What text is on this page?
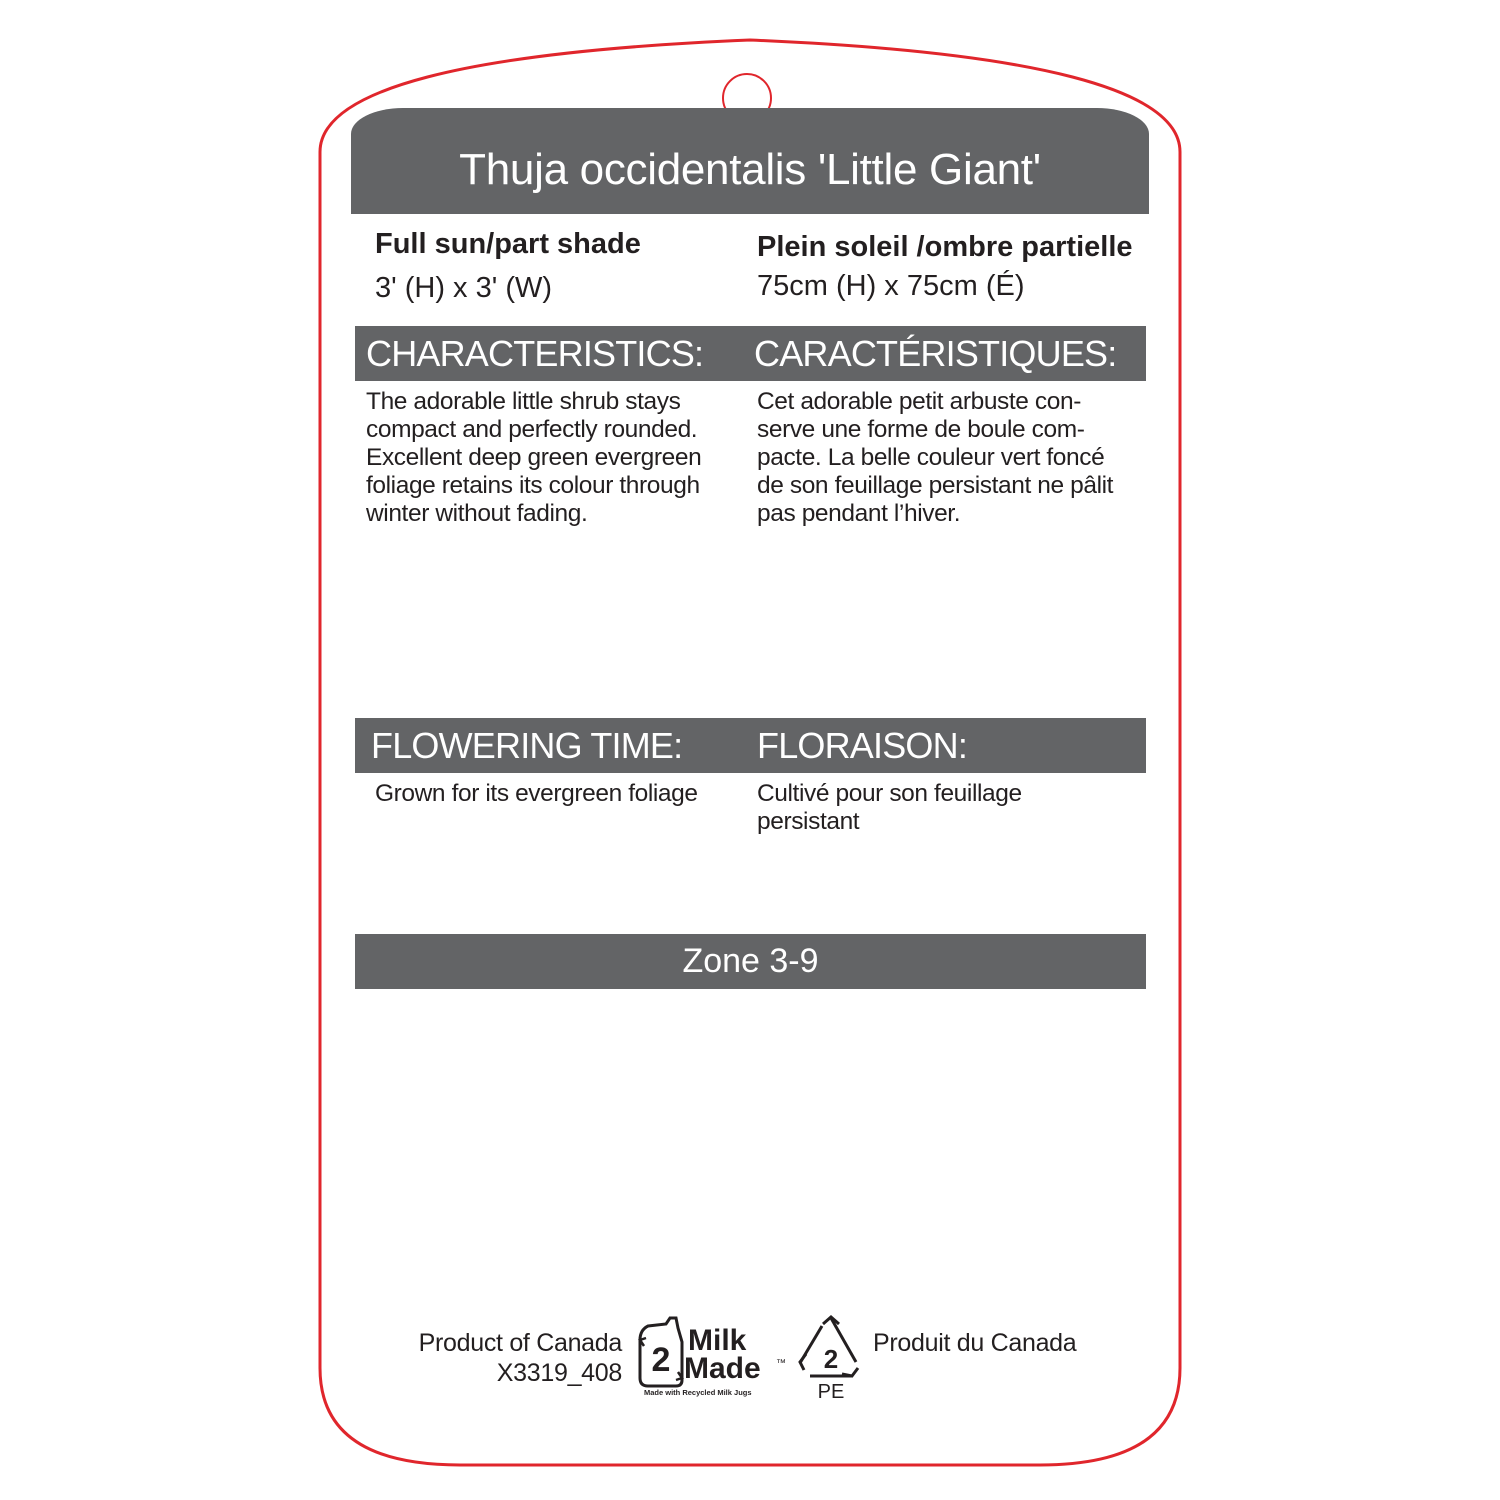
Thuja occidentalis 'Little Giant'
Full sun/part shade
3' (H) x 3' (W)
Plein soleil /ombre partielle
75cm (H) x 75cm (É)
CHARACTERISTICS: CARACTÉRISTIQUES:
The adorable little shrub stays
compact and perfectly rounded.
Excellent deep green evergreen
foliage retains its colour through
winter without fading.
Cet adorable petit arbuste con-
serve une forme de boule com-
pacte. La belle couleur vert foncé
de son feuillage persistant ne pâlit
pas pendant l’hiver.
FLOWERING TIME: FLORAISON:
Grown for its evergreen foliage Cultivé pour son feuillage
persistant
Zone 3-9
Product of Canada
X3319_408 2
Milk
Made ™
Made with Recycled Milk Jugs
2
PE
Produit du Canada
